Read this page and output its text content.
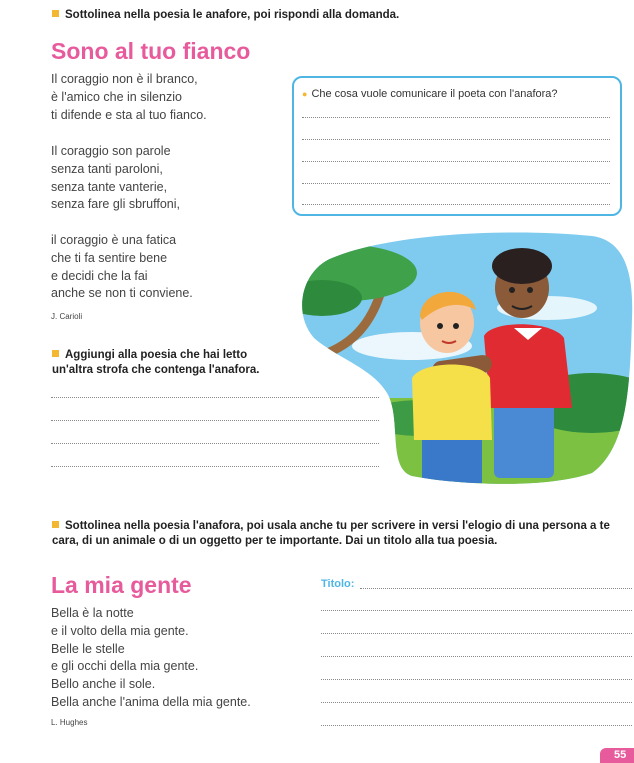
Sottolinea nella poesia le anafore, poi rispondi alla domanda.
Sono al tuo fianco
Il coraggio non è il branco,
è l'amico che in silenzio
ti difende e sta al tuo fianco.
Il coraggio son parole
senza tanti paroloni,
senza tante vanterie,
senza fare gli sbruffoni,
il coraggio è una fatica
che ti fa sentire bene
e decidi che la fai
anche se non ti conviene.
J. Carioli
● Che cosa vuole comunicare il poeta con l'anafora?
Aggiungi alla poesia che hai letto un'altra strofa che contenga l'anafora.
Sottolinea nella poesia l'anafora, poi usala anche tu per scrivere in versi l'elogio di una persona a te cara, di un animale o di un oggetto per te importante. Dai un titolo alla tua poesia.
La mia gente
Bella è la notte
e il volto della mia gente.
Belle le stelle
e gli occhi della mia gente.
Bello anche il sole.
Bella anche l'anima della mia gente.
L. Hughes
Titolo:
55
